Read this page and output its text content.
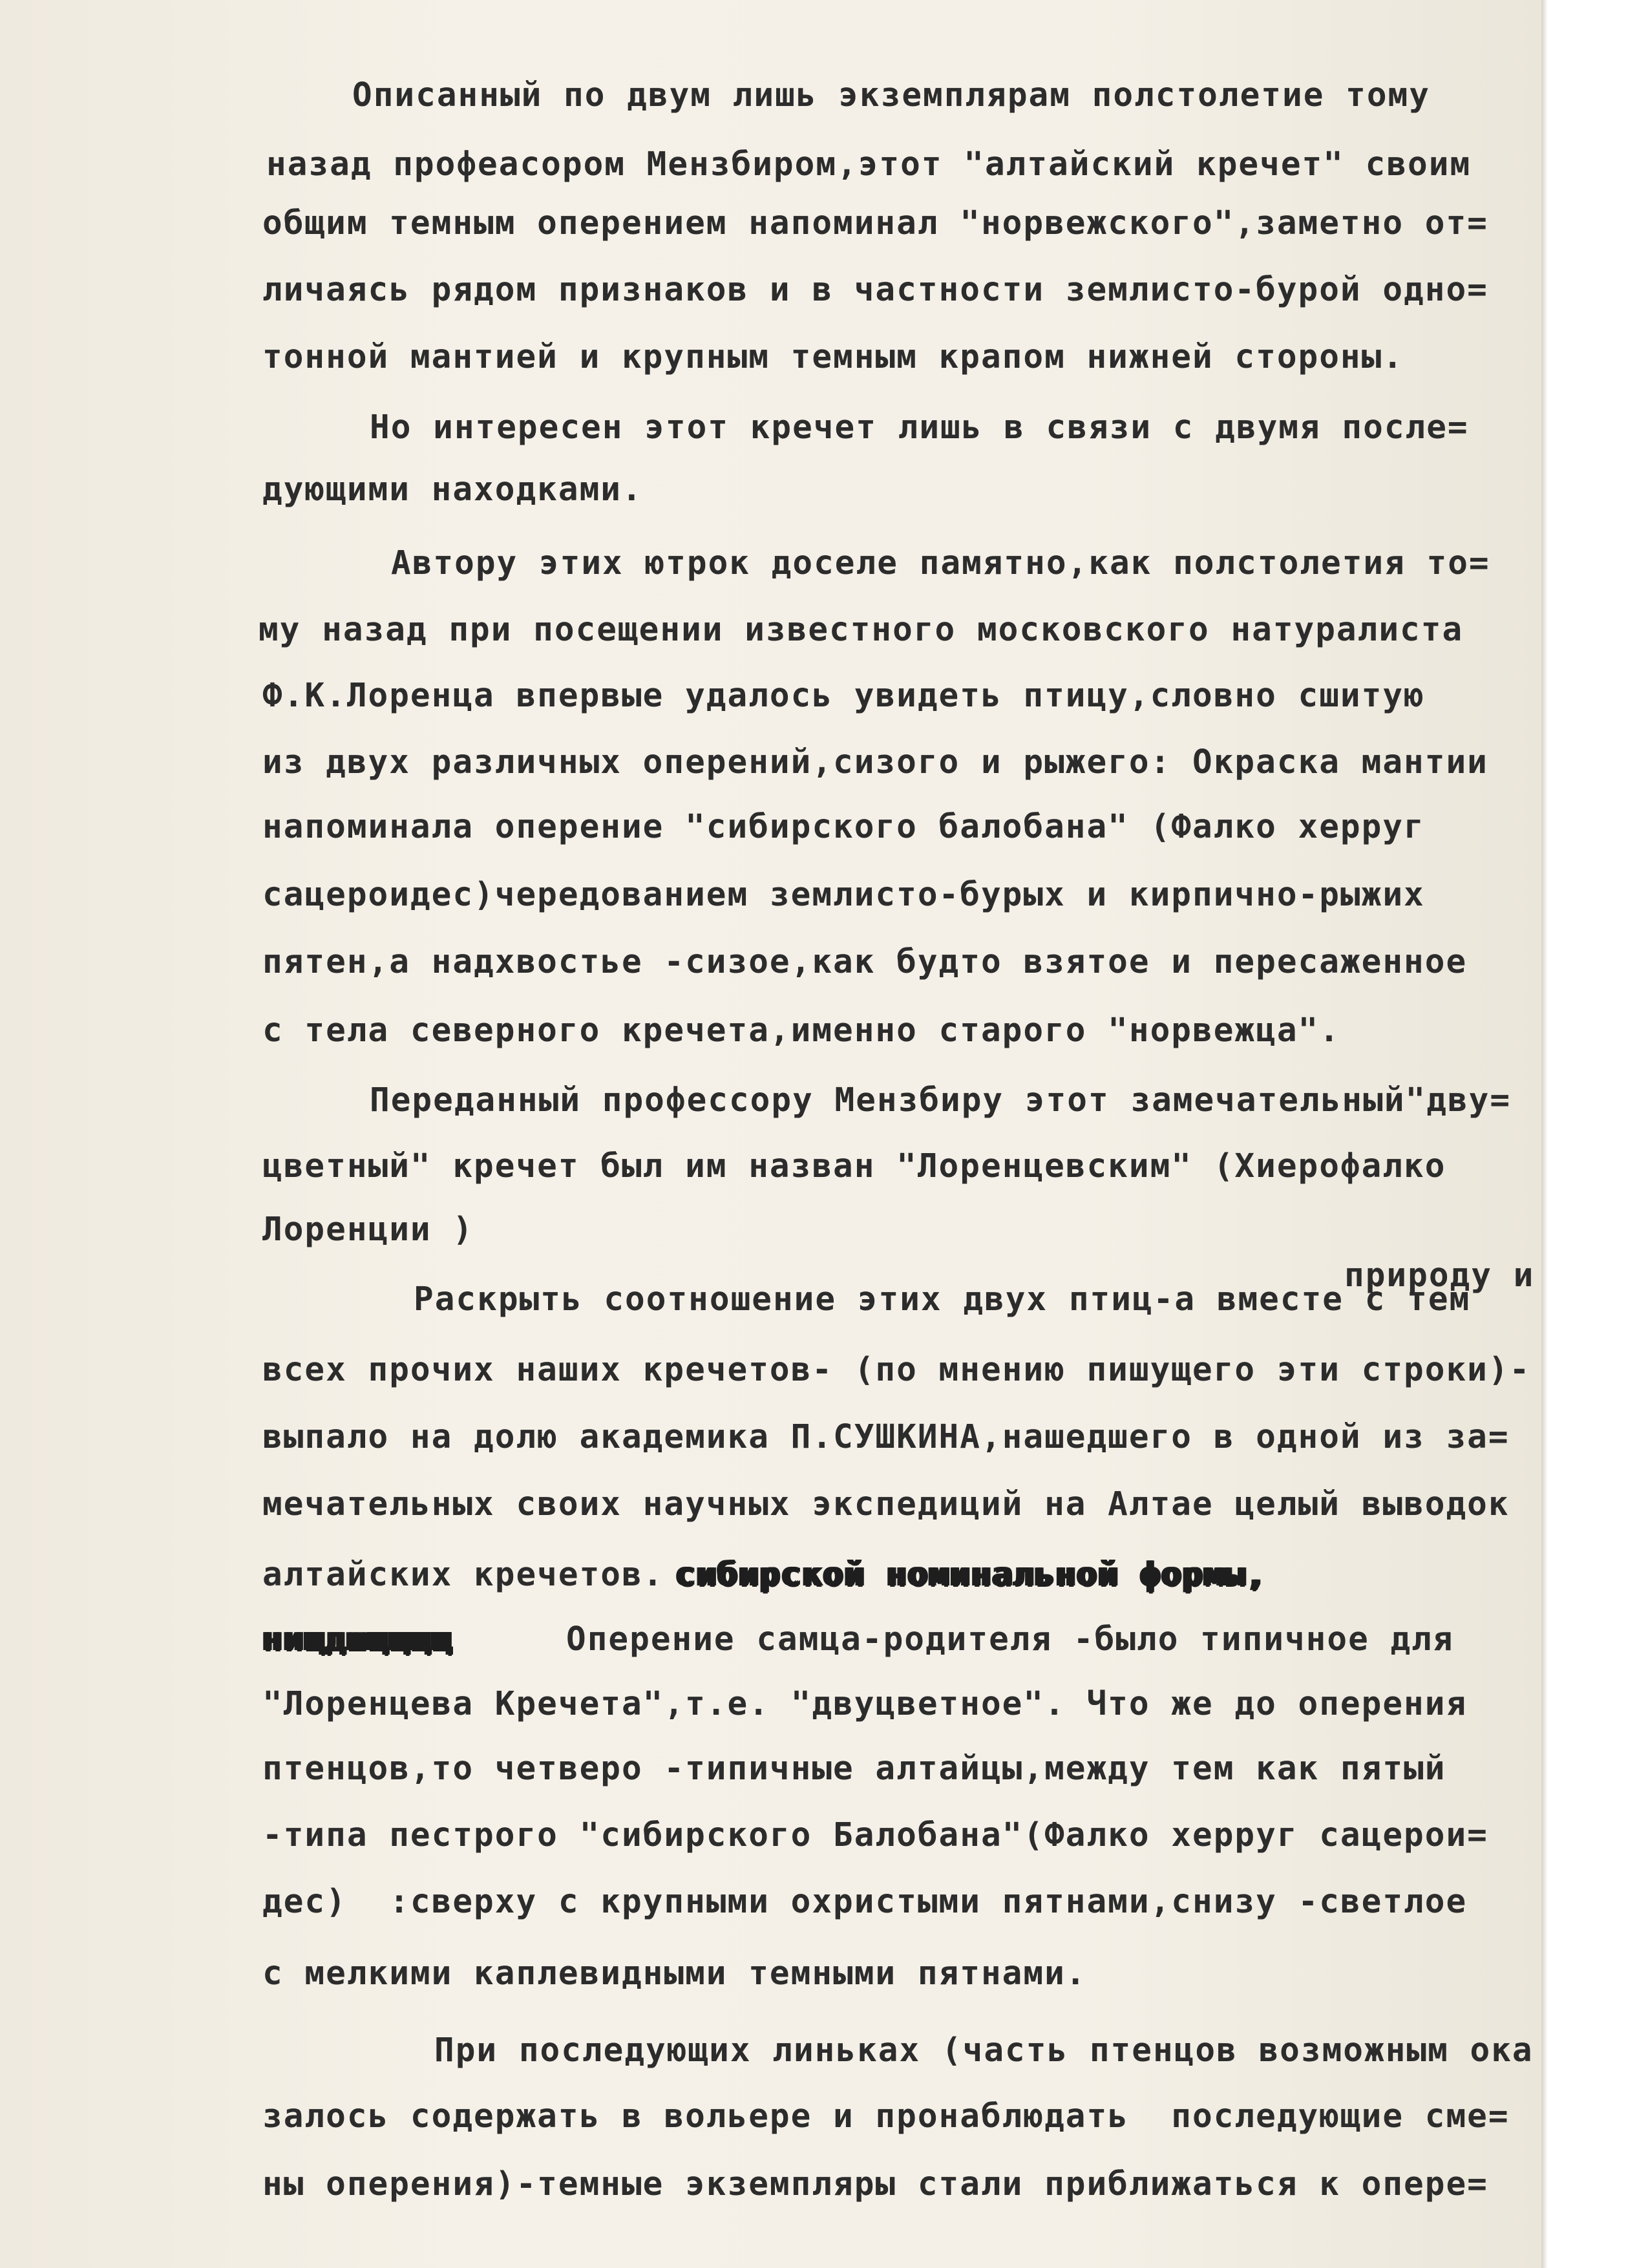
Описанный по двум лишь экземплярам полстолетие тому
назад профеасором Мензбиром,этот "алтайский кречет" своим
общим темным оперением напоминал "норвежского",заметно от=
личаясь рядом признаков и в частности землисто-бурой одно=
тонной мантией и крупным темным крапом нижней стороны.
Но интересен этот кречет лишь в связи с двумя после=
дующими находками.
Автору этих ютрок доселе памятно,как полстолетия то=
му назад при посещении известного московского натуралиста
Ф.К.Лоренца впервые удалось увидеть птицу,словно сшитую
из двух различных оперений,сизого и рыжего: Окраска мантии
напоминала оперение "сибирского балобана" (Фалко херруг
сацероидес)чередованием землисто-бурых и кирпично-рыжих
пятен,а надхвостье -сизое,как будто взятое и пересаженное
с тела северного кречета,именно старого "норвежца".
Переданный профессору Мензбиру этот замечательный"дву=
цветный" кречет был им назван "Лоренцевским" (Хиерофалко
Лоренции )
природу и
Раскрыть соотношение этих двух птиц-а вместе с тем
всех прочих наших кречетов- (по мнению пишущего эти строки)-
выпало на долю академика П.СУШКИНА,нашедшего в одной из за=
мечательных своих научных экспедиций на Алтае целый выводок
алтайских кречетов. сибирской номинальной формы,
нищдшщщщщ	Оперение самца-родителя -было типичное для
"Лоренцева Кречета",т.е. "двуцветное". Что же до оперения
птенцов,то четверо -типичные алтайцы,между тем как пятый
-типа пестрого "сибирского Балобана"(Фалко херруг сацерои=
дес)  :сверху с крупными охристыми пятнами,снизу -светлое
с мелкими каплевидными темными пятнами.
При последующих линьках (часть птенцов возможным ока
залось содержать в вольере и пронаблюдать  последующие сме=
ны оперения)-темные экземпляры стали приближаться к опере=
